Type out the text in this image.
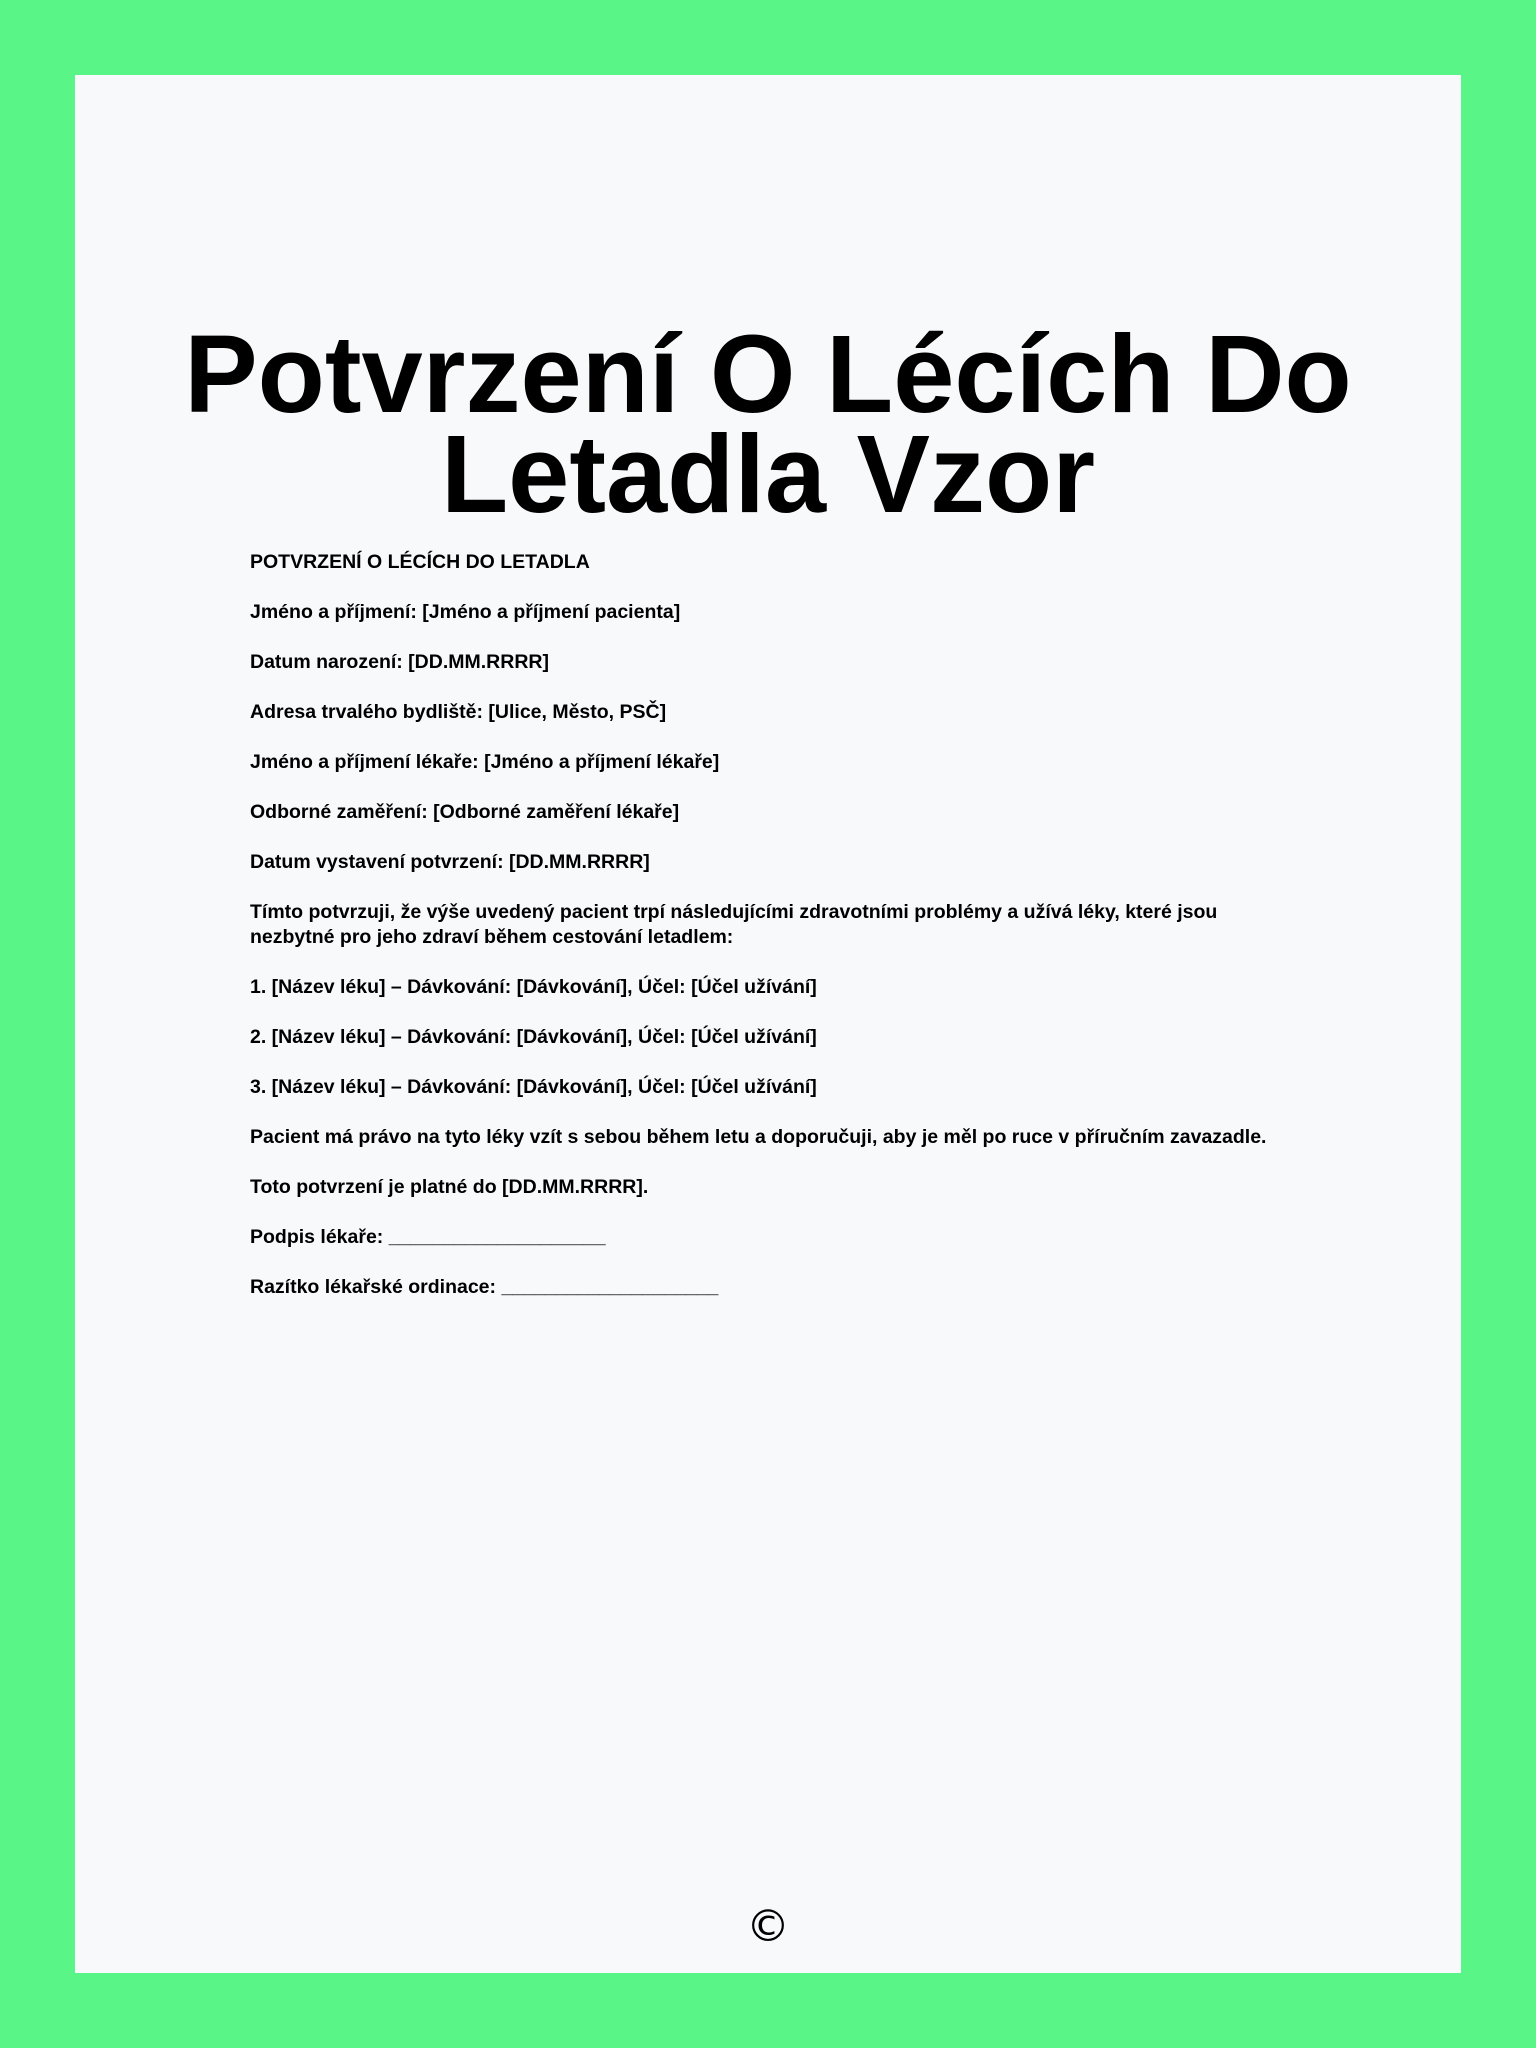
Potvrzení O Lécích Do Letadla Vzor

POTVRZENÍ O LÉCÍCH DO LETADLA

Jméno a příjmení: [Jméno a příjmení pacienta]

Datum narození: [DD.MM.RRRR]

Adresa trvalého bydliště: [Ulice, Město, PSČ]

Jméno a příjmení lékaře: [Jméno a příjmení lékaře]

Odborné zaměření: [Odborné zaměření lékaře]

Datum vystavení potvrzení: [DD.MM.RRRR]

Tímto potvrzuji, že výše uvedený pacient trpí následujícími zdravotními problémy a užívá léky, které jsou nezbytné pro jeho zdraví během cestování letadlem:

1. [Název léku] – Dávkování: [Dávkování], Účel: [Účel užívání]

2. [Název léku] – Dávkování: [Dávkování], Účel: [Účel užívání]

3. [Název léku] – Dávkování: [Dávkování], Účel: [Účel užívání]

Pacient má právo na tyto léky vzít s sebou během letu a doporučuji, aby je měl po ruce v příručním zavazadle.

Toto potvrzení je platné do [DD.MM.RRRR].

Podpis lékaře: ____________________

Razítko lékařské ordinace: ____________________

©
